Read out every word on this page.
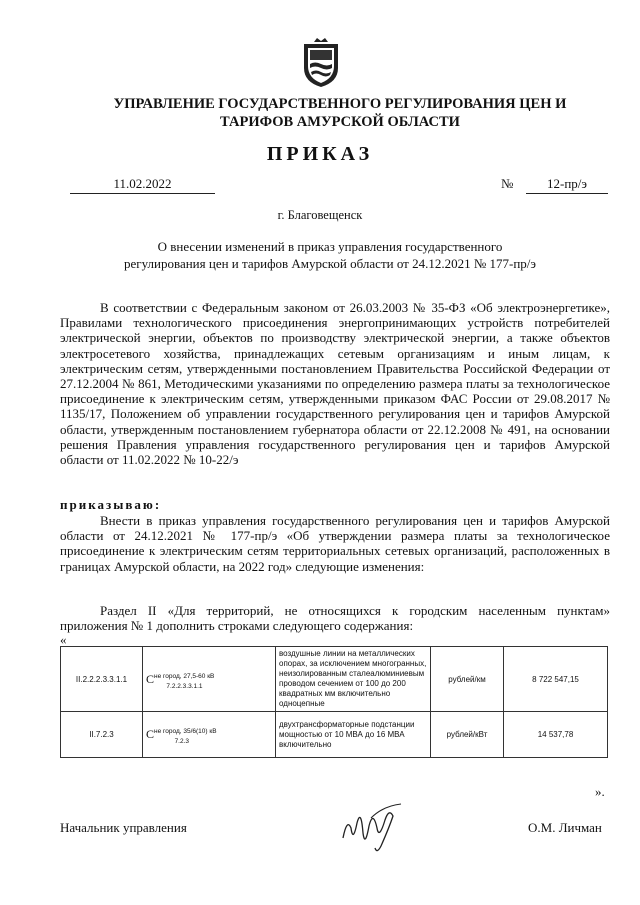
УПРАВЛЕНИЕ ГОСУДАРСТВЕННОГО РЕГУЛИРОВАНИЯ ЦЕН И
ТАРИФОВ АМУРСКОЙ ОБЛАСТИ
ПРИКАЗ
11.02.2022	№	12-пр/э
г. Благовещенск
О внесении изменений в приказ управления государственного
регулирования цен и тарифов Амурской области от 24.12.2021 № 177-пр/э
В соответствии с Федеральным законом от 26.03.2003 № 35-ФЗ «Об электроэнергетике», Правилами технологического присоединения энергопринимающих устройств потребителей электрической энергии, объектов по производству электрической энергии, а также объектов электросетевого хозяйства, принадлежащих сетевым организациям и иным лицам, к электрическим сетям, утвержденными постановлением Правительства Российской Федерации от 27.12.2004 № 861, Методическими указаниями по определению размера платы за технологическое присоединение к электрическим сетям, утвержденными приказом ФАС России от 29.08.2017 № 1135/17, Положением об управлении государственного регулирования цен и тарифов Амурской области, утвержденным постановлением губернатора области от 22.12.2008 № 491, на основании решения Правления управления государственного регулирования цен и тарифов Амурской области от 11.02.2022 № 10-22/э
приказываю:
Внести в приказ управления государственного регулирования цен и тарифов Амурской области от 24.12.2021 № 177-пр/э «Об утверждении размера платы за технологическое присоединение к электрическим сетям территориальных сетевых организаций, расположенных в границах Амурской области, на 2022 год» следующие изменения:
Раздел II «Для территорий, не относящихся к городским населенным пунктам» приложения № 1 дополнить строками следующего содержания:
«
II.2.2.2.3.3.1.1	$C^{не город, 27,5-60 кВ}_{7.2.2.3.3.1.1}$	воздушные линии на металлических опорах, за исключением многогранных, неизолированным сталеалюминиевым проводом сечением от 100 до 200 квадратных мм включительно одноцепные	рублей/км	8 722 547,15
II.7.2.3	$C^{не город, 35/6(10) кВ}_{7.2.3}$	двухтрансформаторные подстанции мощностью от 10 МВА до 16 МВА включительно	рублей/кВт	14 537,78
».
Начальник управления	О.М. Личман
